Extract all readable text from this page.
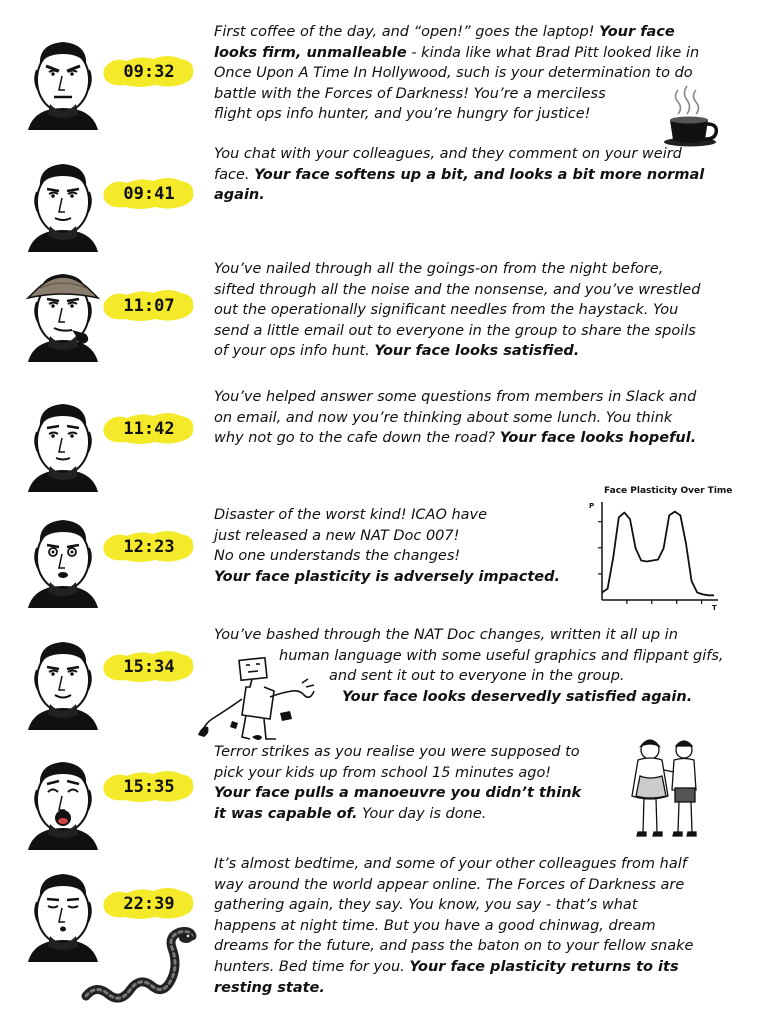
09:32
First coffee of the day, and “open!” goes the laptop! Your face
looks firm, unmalleable - kinda like what Brad Pitt looked like in
Once Upon A Time In Hollywood, such is your determination to do
battle with the Forces of Darkness! You’re a merciless
flight ops info hunter, and you’re hungry for justice!
09:41
You chat with your colleagues, and they comment on your weird
face. Your face softens up a bit, and looks a bit more normal
again.
11:07
You’ve nailed through all the goings-on from the night before,
sifted through all the noise and the nonsense, and you’ve wrestled
out the operationally significant needles from the haystack. You
send a little email out to everyone in the group to share the spoils
of your ops info hunt. Your face looks satisfied.
11:42
You’ve helped answer some questions from members in Slack and
on email, and now you’re thinking about some lunch. You think
why not go to the cafe down the road? Your face looks hopeful.
12:23
Disaster of the worst kind! ICAO have
just released a new NAT Doc 007!
No one understands the changes!
Your face plasticity is adversely impacted.
15:34
You’ve bashed through the NAT Doc changes, written it all up in
human language with some useful graphics and flippant gifs,
and sent it out to everyone in the group.
Your face looks deservedly satisfied again.
15:35
Terror strikes as you realise you were supposed to
pick your kids up from school 15 minutes ago!
Your face pulls a manoeuvre you didn’t think
it was capable of. Your day is done.
22:39
It’s almost bedtime, and some of your other colleagues from half
way around the world appear online. The Forces of Darkness are
gathering again, they say. You know, you say - that’s what
happens at night time. But you have a good chinwag, dream
dreams for the future, and pass the baton on to your fellow snake
hunters. Bed time for you. Your face plasticity returns to its
resting state.
Face Plasticity Over Time
P
T
